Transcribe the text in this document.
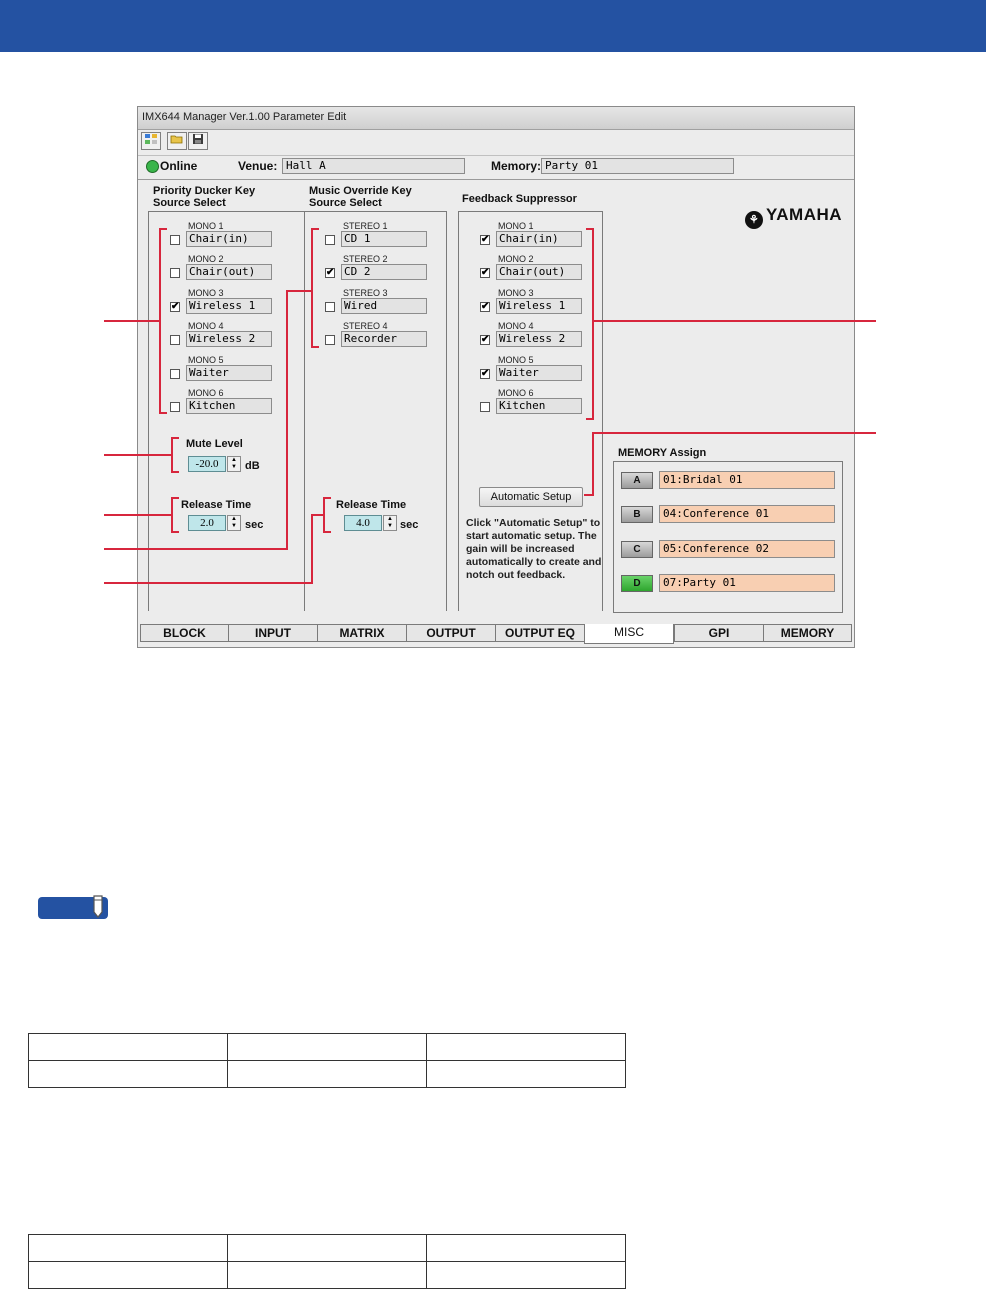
IMX644 Manager Ver.1.00 Parameter Edit
Online	Venue: Hall A	Memory: Party 01
⚘ YAMAHA
Priority Ducker Key
Source Select
Mute Level
-20.0	▲
▼ dB
Release Time
2.0	▲
▼ sec
Music Override Key
Source Select
Release Time
4.0	▲
▼ sec
Feedback Suppressor
Automatic Setup
Click "Automatic Setup" to start automatic setup. The gain will be increased automatically to create and notch out feedback.
MEMORY Assign
BLOCK	INPUT	MATRIX	OUTPUT	OUTPUT EQ	MISC	GPI	MEMORY
MONO 1
Chair(in)
MONO 2
Chair(out)
MONO 3
✔ Wireless 1
MONO 4
Wireless 2
MONO 5
Waiter
MONO 6
Kitchen
STEREO 1
CD 1
STEREO 2
✔ CD 2
STEREO 3
Wired
STEREO 4
Recorder
MONO 1
✔ Chair(in)
MONO 2
✔ Chair(out)
MONO 3
✔ Wireless 1
MONO 4
✔ Wireless 2
MONO 5
✔ Waiter
MONO 6
Kitchen
A	01:Bridal 01
B	04:Conference 01
C	05:Conference 02
D	07:Party 01
